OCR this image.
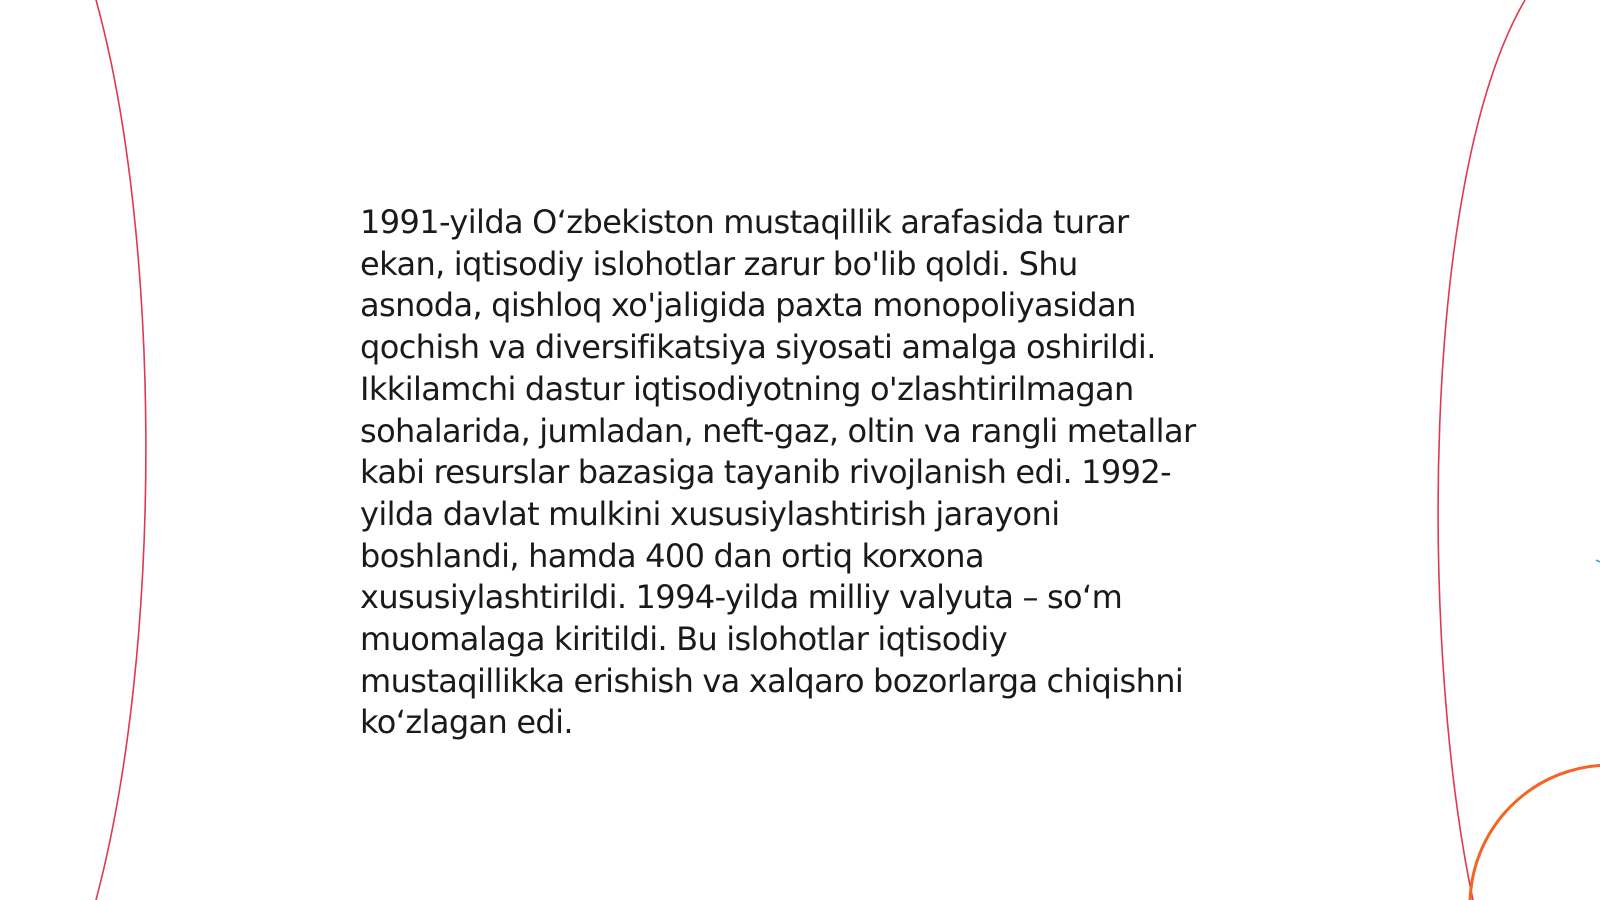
1991-yilda O‘zbekiston mustaqillik arafasida turar
ekan, iqtisodiy islohotlar zarur bo'lib qoldi. Shu
asnoda, qishloq xo'jaligida paxta monopoliyasidan
qochish va diversifikatsiya siyosati amalga oshirildi.
Ikkilamchi dastur iqtisodiyotning o'zlashtirilmagan
sohalarida, jumladan, neft-gaz, oltin va rangli metallar
kabi resurslar bazasiga tayanib rivojlanish edi. 1992-
yilda davlat mulkini xususiylashtirish jarayoni
boshlandi, hamda 400 dan ortiq korxona
xususiylashtirildi. 1994-yilda milliy valyuta – so‘m
muomalaga kiritildi. Bu islohotlar iqtisodiy
mustaqillikka erishish va xalqaro bozorlarga chiqishni
ko‘zlagan edi.
